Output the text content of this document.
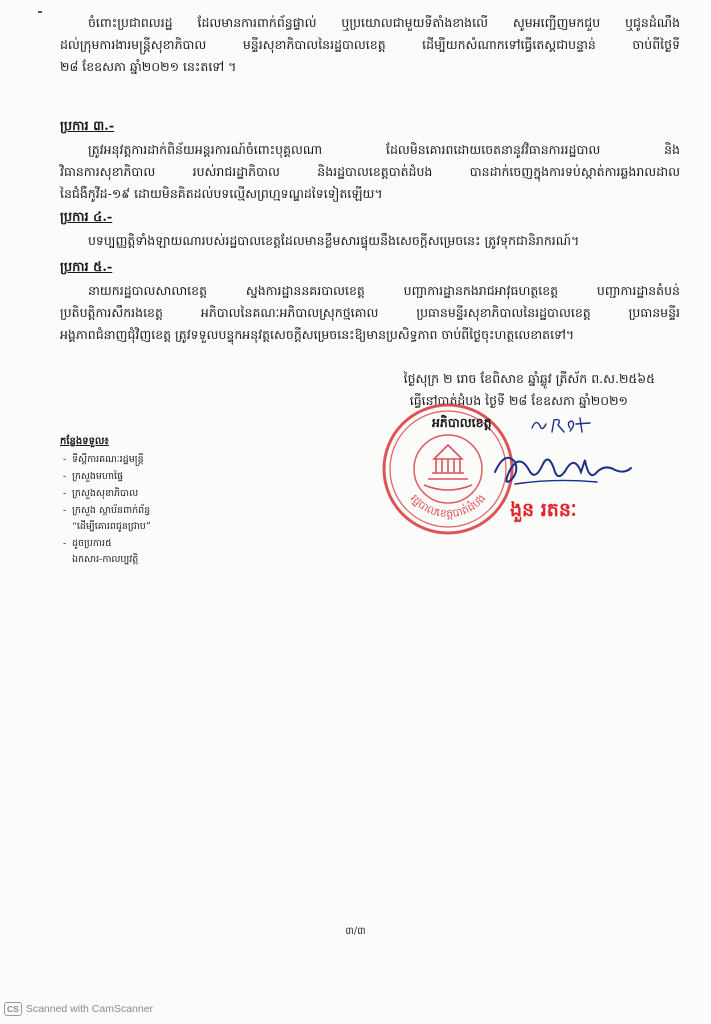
ចំពោះប្រជាពលរដ្ឋ ដែលមានការពាក់ព័ន្ធផ្ទាល់ ឬប្រយោលជាមួយទីតាំងខាងលើ សូមអញ្ជើញមកជួប ឬជូនដំណឹង
ដល់ក្រុមការងារមន្ត្រីសុខាភិបាល មន្ទីរសុខាភិបាលនៃរដ្ឋបាលខេត្ត ដើម្បីយកសំណាកទៅធ្វើតេស្តជាបន្ទាន់ ចាប់ពីថ្ងៃទី
២៨ ខែឧសភា ឆ្នាំ២០២១ នេះតទៅ ។
ប្រការ ៣.-
ត្រូវអនុវត្តការដាក់ពិន័យអន្តរការណ៍ចំពោះបុគ្គលណា ដែលមិនគោរពដោយចេតនានូវវិធានការរដ្ឋបាល និង
វិធានការសុខាភិបាល របស់រាជរដ្ឋាភិបាល និងរដ្ឋបាលខេត្តបាត់ដំបង បានដាក់ចេញក្នុងការទប់ស្កាត់ការឆ្លងរាលដាល
នៃជំងឺកូវីដ-១៩ ដោយមិនគិតដល់បទល្មើសព្រហ្មទណ្ឌដទៃទៀតឡើយ។
ប្រការ ៤.-
បទប្បញ្ញត្តិទាំងឡាយណារបស់រដ្ឋបាលខេត្តដែលមានខ្លឹមសារផ្ទុយនឹងសេចក្តីសម្រេចនេះ ត្រូវទុកជានិរាករណ៍។
ប្រការ ៥.-
នាយករដ្ឋបាលសាលាខេត្ត ស្នងការដ្ឋាននគរបាលខេត្ត បញ្ជាការដ្ឋានកងរាជអាវុធហត្ថខេត្ត បញ្ជាការដ្ឋានតំបន់
ប្រតិបត្តិការសឹករងខេត្ត អភិបាលនៃគណៈអភិបាលស្រុកថ្មគោល ប្រធានមន្ទីរសុខាភិបាលនៃរដ្ឋបាលខេត្ត ប្រធានមន្ទីរ
អង្គភាពជំនាញជុំវិញខេត្ត ត្រូវទទួលបន្ទុកអនុវត្តសេចក្តីសម្រេចនេះឱ្យមានប្រសិទ្ធភាព ចាប់ពីថ្ងៃចុះហត្ថលេខាតទៅ។
ថ្ងៃសុក្រ ២ រោច ខែពិសាខ ឆ្នាំឆ្លូវ ត្រីស័ក ព.ស.២៥៦៥
ធ្វើនៅបាត់ដំបង ថ្ងៃទី ២៨ ខែឧសភា ឆ្នាំ២០២១
រដ្ឋបាលខេត្តបាត់ដំបង
អភិបាលខេត្ត
ងួន រតនៈ
កន្លែងទទួល៖
- ទីស្តីការគណៈរដ្ឋមន្ត្រី
- ក្រសួងមហាផ្ទៃ
- ក្រសួងសុខាភិបាល
- ក្រសួង ស្ថាប័នពាក់ព័ន្ធ
“ដើម្បីគោរពជូនជ្រាប”
- ដូចប្រការ៥
ឯកសារ-កាលប្បវត្តិ
៣/៣
CS Scanned with CamScanner
